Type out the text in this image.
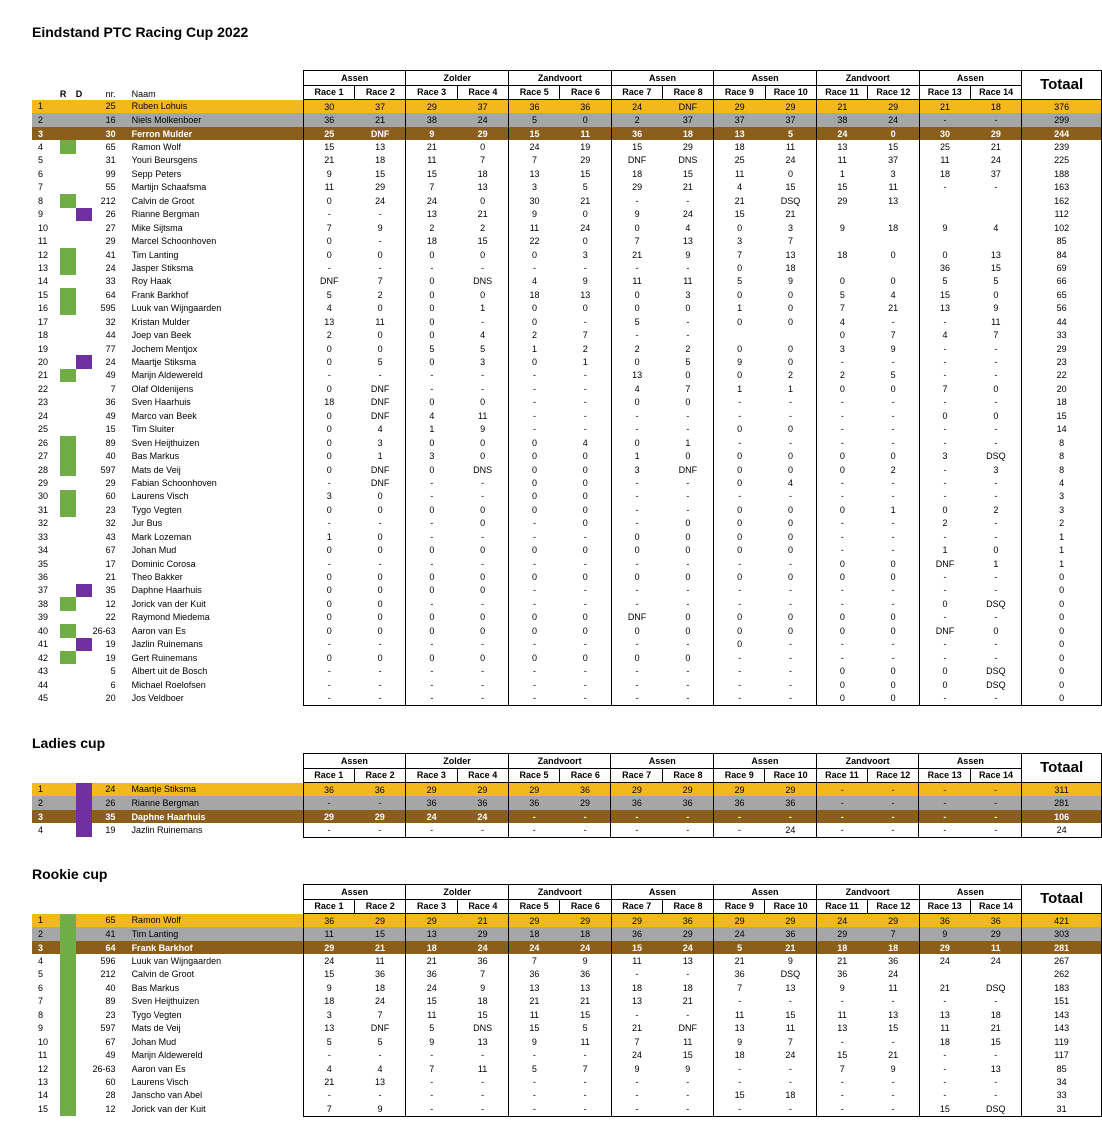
Eindstand PTC Racing Cup 2022
Ladies cup
Rookie cup
					Assen		Zolder		Zandvoort		Assen		Assen		Zandvoort		Assen		Totaal
	R	D	nr.	Naam	Race 1	Race 2	Race 3	Race 4	Race 5	Race 6	Race 7	Race 8	Race 9	Race 10	Race 11	Race 12	Race 13	Race 14	
1			25	Ruben Lohuis	30	37	29	37	36	36	24	DNF	29	29	21	29	21	18	376
2			16	Niels Molkenboer	36	21	38	24	5	0	2	37	37	37	38	24	-	-	299
3			30	Ferron Mulder	25	DNF	9	29	15	11	36	18	13	5	24	0	30	29	244
4			65	Ramon Wolf	15	13	21	0	24	19	15	29	18	11	13	15	25	21	239
5			31	Youri Beursgens	21	18	11	7	7	29	DNF	DNS	25	24	11	37	11	24	225
6			99	Sepp Peters	9	15	15	18	13	15	18	15	11	0	1	3	18	37	188
7			55	Martijn Schaafsma	11	29	7	13	3	5	29	21	4	15	15	11	-	-	163
8			212	Calvin de Groot	0	24	24	0	30	21	-	-	21	DSQ	29	13			162
9			26	Rianne Bergman	-	-	13	21	9	0	9	24	15	21					112
10			27	Mike Sijtsma	7	9	2	2	11	24	0	4	0	3	9	18	9	4	102
11			29	Marcel Schoonhoven	0	-	18	15	22	0	7	13	3	7					85
12			41	Tim Lanting	0	0	0	0	0	3	21	9	7	13	18	0	0	13	84
13			24	Jasper Stiksma	-	-	-	-	-	-	-	-	0	18			36	15	69
14			33	Roy Haak	DNF	7	0	DNS	4	9	11	11	5	9	0	0	5	5	66
15			64	Frank Barkhof	5	2	0	0	18	13	0	3	0	0	5	4	15	0	65
16			595	Luuk van Wijngaarden	4	0	0	1	0	0	0	0	1	0	7	21	13	9	56
17			32	Kristan Mulder	13	11	0	-	0	-	5	-	0	0	4	-	-	11	44
18			44	Joep van Beek	2	0	0	4	2	7	-	-			0	7	4	7	33
19			77	Jochem Mentjox	0	0	5	5	1	2	2	2	0	0	3	9	-	-	29
20			24	Maartje Stiksma	0	5	0	3	0	1	0	5	9	0	-	-	-	-	23
21			49	Marijn Aldewereld	-	-	-	-	-	-	13	0	0	2	2	5	-	-	22
22			7	Olaf Oldenijens	0	DNF	-	-	-	-	4	7	1	1	0	0	7	0	20
23			36	Sven Haarhuis	18	DNF	0	0	-	-	0	0	-	-	-	-	-	-	18
24			49	Marco van Beek	0	DNF	4	11	-	-	-	-	-	-	-	-	0	0	15
25			15	Tim Sluiter	0	4	1	9	-	-	-	-	0	0	-	-	-	-	14
26			89	Sven Heijthuizen	0	3	0	0	0	4	0	1	-	-	-	-	-	-	8
27			40	Bas Markus	0	1	3	0	0	0	1	0	0	0	0	0	3	DSQ	8
28			597	Mats de Veij	0	DNF	0	DNS	0	0	3	DNF	0	0	0	2	-	3	8
29			29	Fabian Schoonhoven	-	DNF	-	-	0	0	-	-	0	4	-	-	-	-	4
30			60	Laurens Visch	3	0	-	-	0	0	-	-	-	-	-	-	-	-	3
31			23	Tygo Vegten	0	0	0	0	0	0	-	-	0	0	0	1	0	2	3
32			32	Jur Bus	-	-	-	0	-	0	-	0	0	0	-	-	2	-	2
33			43	Mark Lozeman	1	0	-	-	-	-	0	0	0	0	-	-	-	-	1
34			67	Johan Mud	0	0	0	0	0	0	0	0	0	0	-	-	1	0	1
35			17	Dominic Corosa	-	-	-	-	-	-	-	-	-	-	0	0	DNF	1	1
36			21	Theo Bakker	0	0	0	0	0	0	0	0	0	0	0	0	-	-	0
37			35	Daphne Haarhuis	0	0	0	0	-	-	-	-	-	-	-	-	-	-	0
38			12	Jorick van der Kuit	0	0	-	-	-	-	-	-	-	-	-	-	0	DSQ	0
39			22	Raymond Miedema	0	0	0	0	0	0	DNF	0	0	0	0	0	-	-	0
40			26-63	Aaron van Es	0	0	0	0	0	0	0	0	0	0	0	0	DNF	0	0
41			19	Jazlin Ruinemans	-	-	-	-	-	-	-	-	0	-	-	-	-	-	0
42			19	Gert Ruinemans	0	0	0	0	0	0	0	0	-	-	-	-	-	-	0
43			5	Albert uit de Bosch	-	-	-	-	-	-	-	-	-	-	0	0	0	DSQ	0
44			6	Michael Roelofsen	-	-	-	-	-	-	-	-	-	-	0	0	0	DSQ	0
45			20	Jos Veldboer	-	-	-	-	-	-	-	-	-	-	0	0	-	-	0
					Assen		Zolder		Zandvoort		Assen		Assen		Zandvoort		Assen		Totaal
					Race 1	Race 2	Race 3	Race 4	Race 5	Race 6	Race 7	Race 8	Race 9	Race 10	Race 11	Race 12	Race 13	Race 14	
1			24	Maartje Stiksma	36	36	29	29	29	36	29	29	29	29	-	-	-	-	311
2			26	Rianne Bergman	-	-	36	36	36	29	36	36	36	36	-	-	-	-	281
3			35	Daphne Haarhuis	29	29	24	24	-	-	-	-	-	-	-	-	-	-	106
4			19	Jazlin Ruinemans	-	-	-	-	-	-	-	-	-	24	-	-	-	-	24
					Assen		Zolder		Zandvoort		Assen		Assen		Zandvoort		Assen		Totaal
					Race 1	Race 2	Race 3	Race 4	Race 5	Race 6	Race 7	Race 8	Race 9	Race 10	Race 11	Race 12	Race 13	Race 14	
1			65	Ramon Wolf	36	29	29	21	29	29	29	36	29	29	24	29	36	36	421
2			41	Tim Lanting	11	15	13	29	18	18	36	29	24	36	29	7	9	29	303
3			64	Frank Barkhof	29	21	18	24	24	24	15	24	5	21	18	18	29	11	281
4			596	Luuk van Wijngaarden	24	11	21	36	7	9	11	13	21	9	21	36	24	24	267
5			212	Calvin de Groot	15	36	36	7	36	36	-	-	36	DSQ	36	24			262
6			40	Bas Markus	9	18	24	9	13	13	18	18	7	13	9	11	21	DSQ	183
7			89	Sven Heijthuizen	18	24	15	18	21	21	13	21	-	-	-	-	-	-	151
8			23	Tygo Vegten	3	7	11	15	11	15	-	-	11	15	11	13	13	18	143
9			597	Mats de Veij	13	DNF	5	DNS	15	5	21	DNF	13	11	13	15	11	21	143
10			67	Johan Mud	5	5	9	13	9	11	7	11	9	7	-	-	18	15	119
11			49	Marijn Aldewereld	-	-	-	-	-	-	24	15	18	24	15	21	-	-	117
12			26-63	Aaron van Es	4	4	7	11	5	7	9	9	-	-	7	9	-	13	85
13			60	Laurens Visch	21	13	-	-	-	-	-	-	-	-	-	-	-	-	34
14			28	Janscho van Abel	-	-	-	-	-	-	-	-	15	18	-	-	-	-	33
15			12	Jorick van der Kuit	7	9	-	-	-	-	-	-	-	-	-	-	15	DSQ	31
